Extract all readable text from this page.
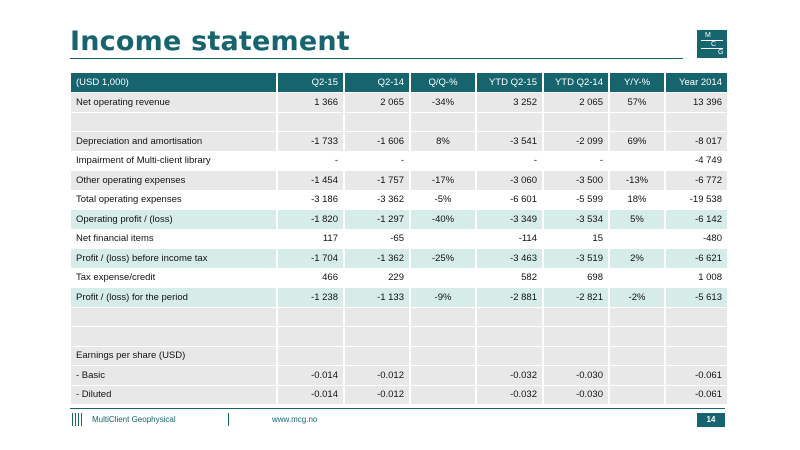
Income statement	M
C
G
(USD 1,000)	Q2-15	Q2-14	Q/Q-%	YTD Q2-15	YTD Q2-14	Y/Y-%	Year 2014
Net operating revenue	1 366	2 065	-34%	3 252	2 065	57%	13 396

Depreciation and amortisation	-1 733	-1 606	8%	-3 541	-2 099	69%	-8 017
Impairment of Multi-client library	-	-		-	-		-4 749
Other operating expenses	-1 454	-1 757	-17%	-3 060	-3 500	-13%	-6 772
Total operating expenses	-3 186	-3 362	-5%	-6 601	-5 599	18%	-19 538
Operating profit / (loss)	-1 820	-1 297	-40%	-3 349	-3 534	5%	-6 142
Net financial items	117	-65		-114	15		-480
Profit / (loss) before income tax	-1 704	-1 362	-25%	-3 463	-3 519	2%	-6 621
Tax expense/credit	466	229		582	698		1 008
Profit / (loss) for the period	-1 238	-1 133	-9%	-2 881	-2 821	-2%	-5 613

Earnings per share (USD)							
- Basic	-0.014	-0.012		-0.032	-0.030		-0.061
- Diluted	-0.014	-0.012		-0.032	-0.030		-0.061
MultiClient Geophysical	www.mcg.no	14
